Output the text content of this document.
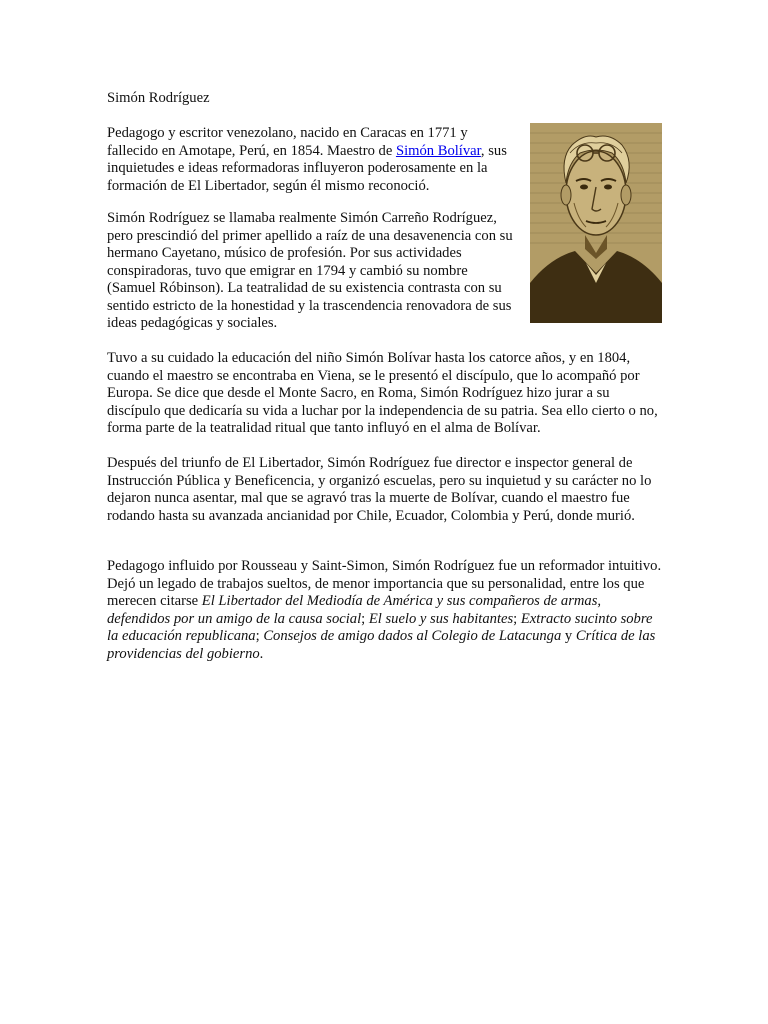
Simón Rodríguez

Pedagogo y escritor venezolano, nacido en Caracas en 1771 y fallecido en Amotape, Perú, en 1854. Maestro de Simón Bolívar, sus inquietudes e ideas reformadoras influyeron poderosamente en la formación de El Libertador, según él mismo reconoció.

Simón Rodríguez se llamaba realmente Simón Carreño Rodríguez, pero prescindió del primer apellido a raíz de una desavenencia con su hermano Cayetano, músico de profesión. Por sus actividades conspiradoras, tuvo que emigrar en 1794 y cambió su nombre (Samuel Róbinson). La teatralidad de su existencia contrasta con su sentido estricto de la honestidad y la trascendencia renovadora de sus ideas pedagógicas y sociales.

Tuvo a su cuidado la educación del niño Simón Bolívar hasta los catorce años, y en 1804, cuando el maestro se encontraba en Viena, se le presentó el discípulo, que lo acompañó por Europa. Se dice que desde el Monte Sacro, en Roma, Simón Rodríguez hizo jurar a su discípulo que dedicaría su vida a luchar por la independencia de su patria. Sea ello cierto o no, forma parte de la teatralidad ritual que tanto influyó en el alma de Bolívar.

Después del triunfo de El Libertador, Simón Rodríguez fue director e inspector general de Instrucción Pública y Beneficencia, y organizó escuelas, pero su inquietud y su carácter no lo dejaron nunca asentar, mal que se agravó tras la muerte de Bolívar, cuando el maestro fue rodando hasta su avanzada ancianidad por Chile, Ecuador, Colombia y Perú, donde murió.

Pedagogo influido por Rousseau y Saint-Simon, Simón Rodríguez fue un reformador intuitivo. Dejó un legado de trabajos sueltos, de menor importancia que su personalidad, entre los que merecen citarse El Libertador del Mediodía de América y sus compañeros de armas, defendidos por un amigo de la causa social; El suelo y sus habitantes; Extracto sucinto sobre la educación republicana; Consejos de amigo dados al Colegio de Latacunga y Crítica de las providencias del gobierno.
